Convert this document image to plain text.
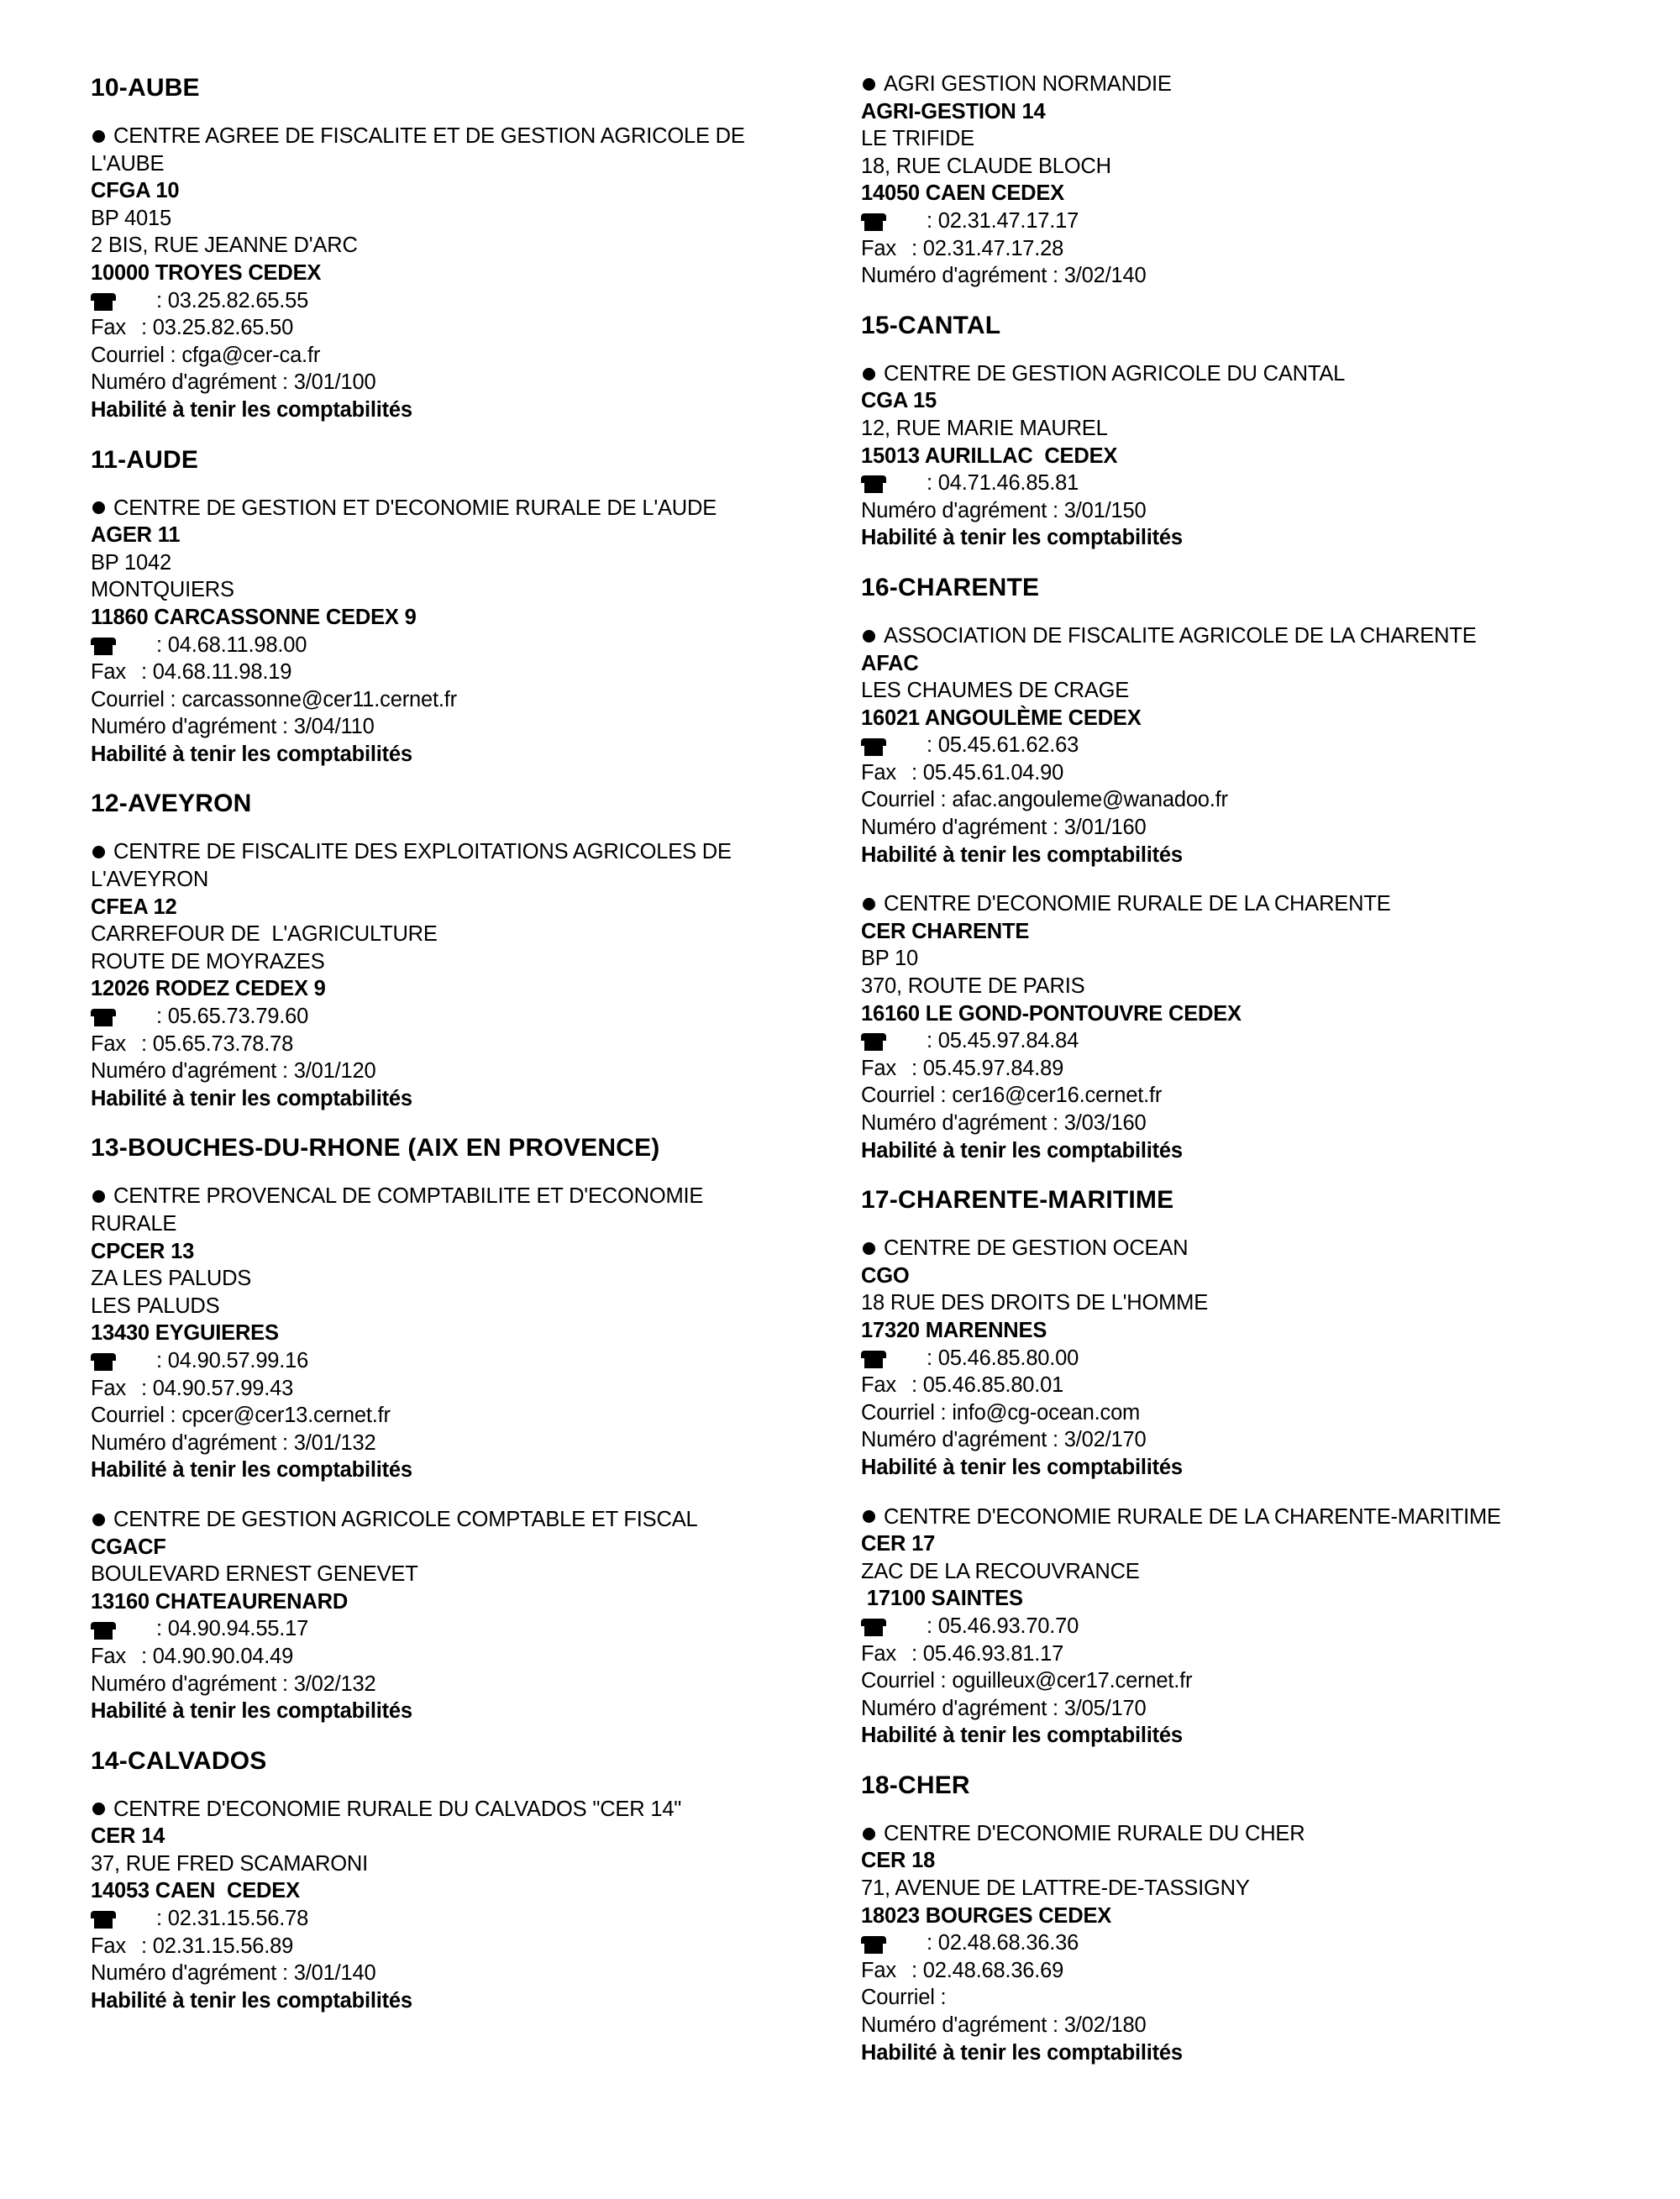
10-AUBE
CENTRE AGREE DE FISCALITE ET DE GESTION AGRICOLE DE
L'AUBE
CFGA 10
BP 4015
2 BIS, RUE JEANNE D'ARC
10000 TROYES CEDEX
: 03.25.82.65.55
Fax : 03.25.82.65.50
Courriel : cfga@cer-ca.fr
Numéro d'agrément : 3/01/100
Habilité à tenir les comptabilités
11-AUDE
CENTRE DE GESTION ET D'ECONOMIE RURALE DE L'AUDE
AGER 11
BP 1042
MONTQUIERS
11860 CARCASSONNE CEDEX 9
: 04.68.11.98.00
Fax : 04.68.11.98.19
Courriel : carcassonne@cer11.cernet.fr
Numéro d'agrément : 3/04/110
Habilité à tenir les comptabilités
12-AVEYRON
CENTRE DE FISCALITE DES EXPLOITATIONS AGRICOLES DE
L'AVEYRON
CFEA 12
CARREFOUR DE  L'AGRICULTURE
ROUTE DE MOYRAZES
12026 RODEZ CEDEX 9
: 05.65.73.79.60
Fax : 05.65.73.78.78
Numéro d'agrément : 3/01/120
Habilité à tenir les comptabilités
13-BOUCHES-DU-RHONE (AIX EN PROVENCE)
CENTRE PROVENCAL DE COMPTABILITE ET D'ECONOMIE
RURALE
CPCER 13
ZA LES PALUDS
LES PALUDS
13430 EYGUIERES
: 04.90.57.99.16
Fax : 04.90.57.99.43
Courriel : cpcer@cer13.cernet.fr
Numéro d'agrément : 3/01/132
Habilité à tenir les comptabilités
CENTRE DE GESTION AGRICOLE COMPTABLE ET FISCAL
CGACF
BOULEVARD ERNEST GENEVET
13160 CHATEAURENARD
: 04.90.94.55.17
Fax : 04.90.90.04.49
Numéro d'agrément : 3/02/132
Habilité à tenir les comptabilités
14-CALVADOS
CENTRE D'ECONOMIE RURALE DU CALVADOS "CER 14"
CER 14
37, RUE FRED SCAMARONI
14053 CAEN  CEDEX
: 02.31.15.56.78
Fax : 02.31.15.56.89
Numéro d'agrément : 3/01/140
Habilité à tenir les comptabilités
AGRI GESTION NORMANDIE
AGRI-GESTION 14
LE TRIFIDE
18, RUE CLAUDE BLOCH
14050 CAEN CEDEX
: 02.31.47.17.17
Fax : 02.31.47.17.28
Numéro d'agrément : 3/02/140
15-CANTAL
CENTRE DE GESTION AGRICOLE DU CANTAL
CGA 15
12, RUE MARIE MAUREL
15013 AURILLAC  CEDEX
: 04.71.46.85.81
Numéro d'agrément : 3/01/150
Habilité à tenir les comptabilités
16-CHARENTE
ASSOCIATION DE FISCALITE AGRICOLE DE LA CHARENTE
AFAC
LES CHAUMES DE CRAGE
16021 ANGOULÈME CEDEX
: 05.45.61.62.63
Fax : 05.45.61.04.90
Courriel : afac.angouleme@wanadoo.fr
Numéro d'agrément : 3/01/160
Habilité à tenir les comptabilités
CENTRE D'ECONOMIE RURALE DE LA CHARENTE
CER CHARENTE
BP 10
370, ROUTE DE PARIS
16160 LE GOND-PONTOUVRE CEDEX
: 05.45.97.84.84
Fax : 05.45.97.84.89
Courriel : cer16@cer16.cernet.fr
Numéro d'agrément : 3/03/160
Habilité à tenir les comptabilités
17-CHARENTE-MARITIME
CENTRE DE GESTION OCEAN
CGO
18 RUE DES DROITS DE L'HOMME
17320 MARENNES
: 05.46.85.80.00
Fax : 05.46.85.80.01
Courriel : info@cg-ocean.com
Numéro d'agrément : 3/02/170
Habilité à tenir les comptabilités
CENTRE D'ECONOMIE RURALE DE LA CHARENTE-MARITIME
CER 17
ZAC DE LA RECOUVRANCE
17100 SAINTES
: 05.46.93.70.70
Fax : 05.46.93.81.17
Courriel : oguilleux@cer17.cernet.fr
Numéro d'agrément : 3/05/170
Habilité à tenir les comptabilités
18-CHER
CENTRE D'ECONOMIE RURALE DU CHER
CER 18
71, AVENUE DE LATTRE-DE-TASSIGNY
18023 BOURGES CEDEX
: 02.48.68.36.36
Fax : 02.48.68.36.69
Courriel :
Numéro d'agrément : 3/02/180
Habilité à tenir les comptabilités
